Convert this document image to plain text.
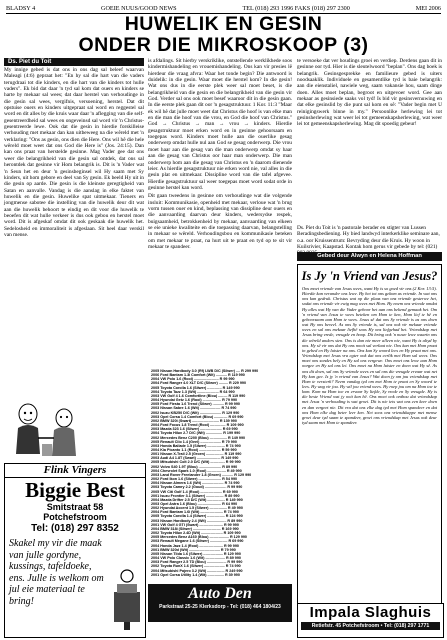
BLADSY 4	GOEIE NUUS/GOOD NEWS	TEL (018) 293 1996 FAKS (018) 297 2300	MEI 2006
HUWELIK EN GESIN
ONDER DIE MIKROSKOOP (3)
Ds. Piet du Toit

My innige gebed is dat ons in ons dag sal beleef waarvan Maleagi (4:6) gepraat het: "En hy sal die hart van die vaders terugdraai tot die kinders, en die hart van die kinders tot hulle vaders". Ek bid dat daar 'n tyd sal kom dat ouers en kinders se harte by mekaar sal wees; dat daar herstel van verhoudinge in die gesin sal wees, vergifnis, versoening, herstel. Dat dit opstuise ouers en kinders uitgepraat sal word en reggestel sal word en dit alles by die kruis waar daar 'n aflegging van die self-gesentreerdheid sal wees en ongeveinsd sal word vir 'n Christus-gesentreerde lewe. Ook dat die gesin in hierdie forskilleise verhouding met mekaar dan kan uitbeweeg na die wêreld met 'n verklaring: "Ons as gesin, ons dien die Here. Ons wil hê die hele wêreld moet weet dat ons God die Here is" (Jos. 24:15). Dan kan ons praat van herstelde gesinne. Mag Vader gee dat ons weer die belangrikheid van die gesin sal ontdek, dat ons sal herontdek dat gesinne vir Hom belangrik is. Dit is 'n Vader wat 'n Seun het en deur 'n gesinsbeginsel wil Hy saam met Sy kinders, uit hom gebore en deel van Sy gesin. Ek beeld Hy uit in die gesin op aarde. Die gesin is die kleinste geregtigheid van Satan en aanvalle. Vandag is die aanslag in elke faktet van huwelik en die gesin. Huwelike spat uitmekaar. Tieners en jongmense sabotee die instelling van die huwelik deur dit wat aan die huwelik behoort te eindig en dit voor die huwelik te beoefen dit wat hulle verkeer is dus ook gebou en herstel moet word. Dit is afgeskaf omdat dit ook geskaak die huwelik het. Sedelosheid en immoraliteit is afgeslaan. Sit heel daar verskil van mense.

is afdalings. Sit hierby verskriklike, ontstellende werklikhede soos kindermishandeling en vrouemishandeling. Ons kan vir presies lê hierdeur die vraag afvra: Waar het tonde begin? Die antwoord is duidelik: in die gesin. Waar moet die herstel kom? In die gesin! Wat ons dus in die eerste plek weer sal moet beset, is die belangrikheid van die gesin en die belangrikheid van die gesin vir God. Verder sal ons ook moet besef waaroor dit in die gesin gaan. In die eerste plek gaan dit oor 'n gesagstruktuur. 1 Kor. 11:3 "Maar ek wil hê dat julle moet weet dat Christus die hoof is van elke man en die man die hoof van die vrou, en God die hoof van Christus." God → Christus → man → vrou → kinders. Hierdie gesagstruktuur moet erken word en in gesinne gehoorsaam en toegepas word. Kinders moet hulle aan die ouerlike gesag onderwerp omdat hulle nul aan God se gesag onderwerp. Die vrou moet haar aan die gesag van die man onderwerp omdat sy haar aan die gesag van Christus oor haar man onderwerp. Die man onderwerp hom aan die gesag van Christus en 'n daarom dienende leier. As hierdie gesagstruktuur nie erken word nie, val alles in die gesin plat en uitmekaar. Dissipline word van die tafel afgevee. Hierdie gesagstruktuur sal weer toegepas moet word sodat orde in gesinne herstel kan word.

Dit gaan tweedens in gesinne om verhoudinge wat die volgende insluit: Kommunikasie, openheid met mekaar, verloue wat 'n brug vorm tussen ouer en kind, beplassing van dissipline deur ouers en die aanvaarding daarvan deur kinders, wedersydse respek, buigsaamheid, betrokkenheid by mekaar, aanvaarding van elkeen se eie unieke kwaliteite en die toepassing daarvan, belangstelling in mekaar se wêreld. Verhoudingsbou en kommunikasie beteken om met mekaar te praat, na hurt uit te praat en tyd op te sit vir mekaar te spandeer.

te versoeke dat ver houdings groei en verdiep. Derdens gaan dit in gesinne oor tyd. Hier is die sleutelwoord "beplan". Ons dag boek is belangrik. Gesinsgesprekke en familieure gebed is uiters noodsaaklik. Individuele en gesamentlike tyd is baie belangrik: aan die eienstaliel, nawiele weg, saam vakansie hou, saam dinge doen. Alles moet beplan, begroot en uitgevoer word. Gee aan mekaar as gesinsiede saaks vol tyd! Is bid vir gesinsvernuwing en dat elke gesinslid by die punt sal kom en sê: "Vader begin met U reinigingswerk binne in my." Persoonlike herlewing lei tot gesinsherlewing wat weer lei tot gemeenskapsherlewing, wat weer lei tot gemeenskapsherlewing. Mag dit spoedig gebeur!

Flink Vingers
Biggie Best
Smitstraat 58
Potchefstroom
Tel: (018) 297 8352
Skakel my vir die maak van julle gordyne, kussings, tafeldoeke, ens. Julle is welkom om jul eie materiaal te bring!
2005 Nissan Hardbody 3.0 (Rf) LWB D/C (Silwer) .... R 299 990
2006 Ford Bantam 1.3i Comfort (Wit) ........... R 119 990
2004 VW Polo 1.6 (Rooi) ........................ R 99 990
2004 Ford Ranger 4.0 XLT D/C (Silwer) ......... R 229 990
2005 Toyota Corolla 1.6 (Silwer) .............. R 149 990
2004 Toyota Tazz 1.3 (Wit) ..................... R 64 990
2003 VW Golf 4 1.6 Comfortline (Blou) ......... R 119 990
2004 Hyundai Getz 1.6 (Rooi) .................. R 79 990
2005 Ford Fiesta 1.6 Trend (Silwer) ........... R 99 990
2003 Nissan Sabre 1.6 (Wit) .................... R 74 990
2002 Isuzu KB250 D/C (Wit) ..................... R 129 990
2003 Opel Corsa 1.4 Comfort (Blou) ............. R 69 990
2002 BMW 320i (Swart) .......................... R 139 990
2004 Ford Focus 1.8 Trend (Rooi) ............... R 109 990
2003 Mazda 323 1.6 (Silwer) ..................... R 69 990
2004 Toyota Hilux 2.7 D/C (Wit) ................ R 199 990
2002 Mercedes Benz C200 (Blou) ................. R 149 990
2005 Renault Clio 1.4 (Geel) .................... R 79 990
2003 Honda Ballade 1.5 (Silwer) ................. R 74 990
2004 Kia Picanto 1.1 (Rooi) ..................... R 59 990
2001 Nissan X-Trail 2.5 (Groen) ................. R 119 990
2003 Audi A4 1.8T (Swart) ....................... R 149 990
2005 Mitsubishi Colt 2.0 D/C (Wit) .............. R 99 990
2002 Volvo S40 1.9T (Blou) ...................... R 89 990
2004 Chevrolet Spark 1.0 (Rooi) .................. R 49 990
2003 Land Rover Freelander 1.8 (Groen) ........... R 129 990
2002 Ford Ikon 1.6 (Silwer) ...................... R 54 990
2004 Nissan Almera 1.6 (Wit) ..................... R 74 990
2003 Toyota Camry 2.2 (Goud) ..................... R 99 990
2005 VW Citi Golf 1.4 (Rooi) ..................... R 69 990
2001 Isuzu Frontier 3.1 (Silwer) ................. R 89 990
2004 Mazda Drifter 2.5 D/C (Wit) ................. R 149 990
2003 Opel Astra 1.6 (Blou) ....................... R 64 990
2002 Hyundai Accent 1.5 (Silwer) ................. R 49 990
2004 Ford Bantam 1.6i (Wit) ...................... R 74 990
2005 Toyota Corolla 1.4 (Silwer) ................. R 124 990
2003 Nissan Hardbody 2.4 (Wit) ................... R 89 990
2001 VW Golf 4 GTI (Swart) ....................... R 99 990
2004 BMW 318i (Silwer) ........................... R 169 990
2002 Toyota Hilux 2.4D (Wit) ..................... R 109 990
2005 Mercedes Benz A160 (Blou) ................... R 129 990
2003 Renault Megane 1.6 (Silwer) ................. R 69 990
2004 Honda Jazz 1.4 (Rooi) ....................... R 99 990
2001 BMW 320d (Wit) .............................. R 79 990
2005 Nissan Tiida 1.6 (Silwer) ................... R 129 990
2004 VW Polo Classic 1.6 (Wit) ................... R 89 990
2003 Ford Ranger 2.5 TD (Blou) ................... R 99 990
2002 Toyota RunX 1.6 (Silwer) .................... R 74 990
2004 Mitsubishi Pajero 3.2 (Wit) ................. R 249 990
2001 Opel Corsa Utility 1.4 (Wit) ................ R 39 990
Auto Den
Parkstraat 25-25 Klerksdorp - Tel: (018) 464 1804/23
Ds. Piet du Toit is 'n pastorale berader en stigter van Lussen Beradingsbediening. Hy bied landwyd interkerklike seminare aan, o.a. oor Kruissentrum: Bevryding deur die Kruis. Hy woon in Kuilsrivier, Kaapstad. Kontak hom gerus vir gebede by tel: (021)
Gebed deur Alwyn en Helena Hoffman
Is Jy 'n Vriend van Jesus?
Ons moet vriende van Jesus wees, want Hy is so goed vir ons (2 Kor. 13:5). Hierdie kan verander ons lewe. Hy het tot ons gekom as vriende. In wat ons ons kan gedruk. Christus wat op die plaas van ons vriende gesterwe het, sodat ons vriende vir ewig mag wees met Hom. Hy noem ons vriende omdat Hy alles wat Hy van die Vader gehoor het aan ons bekend gemaak het. Om 'n vriend van Jesus te wees beteken om Hom te ken, Hom lief te hê en gehoorsaam aan Hom te wees. Jesus sê dat ons Sy vriende is as ons doen wat Hy ons beveel. As ons Sy vriende is, sal ons ook vir mekaar vriende wees en sal ons mekaar liefhê soos Hy ons liefgehad het. Vriendskap met Jesus bring vrede, vreugde en hoop. Dit bring ook 'n nuwe lewe waarin ons die wêreld anders sien. Ons is dan nie meer alleen nie, want Hy is altyd by ons. Hy sê vir ons dat Hy ons nooit sal verlaat nie. Ons kan met Hom praat in gebed en Hy luister na ons. Ons kan Sy woord lees en Hy praat met ons. Vriendskap met Jesus vra egter ook dat ons eerlik met Hom sal wees. Ons moet ons sondes bely en Hy sal ons vergewe. Ons moet ons lewe aan Hom oorgee en Hy sal ons lei. Ons moet na Hom luister en doen wat Hy sê. As ons dit doen, sal ons Sy vriende wees en sal ons die vreugde ervaar wat net Hy kan gee. Is jy 'n vriend van Jesus? Wat doen jy om jou vriendskap met Hom te versterk? Neem vandag tyd om met Hom te praat en Sy woord te lees. Hy wag vir jou. Hy wil jou vriend wees. Hy roep jou om na Hom toe te kom. Kom na Hom toe en ervaar Sy liefde, Sy vrede en Sy vreugde. Hy is die beste Vriend wat jy ooit kan hê. Ons moet ook onthou dat vriendskap met Jesus 'n verhouding is wat groei. Dit is nie iets wat ons een keer doen en dan vergeet nie. Dit vra dat ons elke dag tyd met Hom spandeer en dat ons Hom elke dag beter leer ken. Net soos ons vriendskappe met mense groei deur tyd saam te spandeer, groei ons vriendskap met Jesus ook deur tyd saam met Hom te spandeer.
Impala Slaghuis
Retiefstr. 45 Potchefstroom • Tel: (018) 297 1771
